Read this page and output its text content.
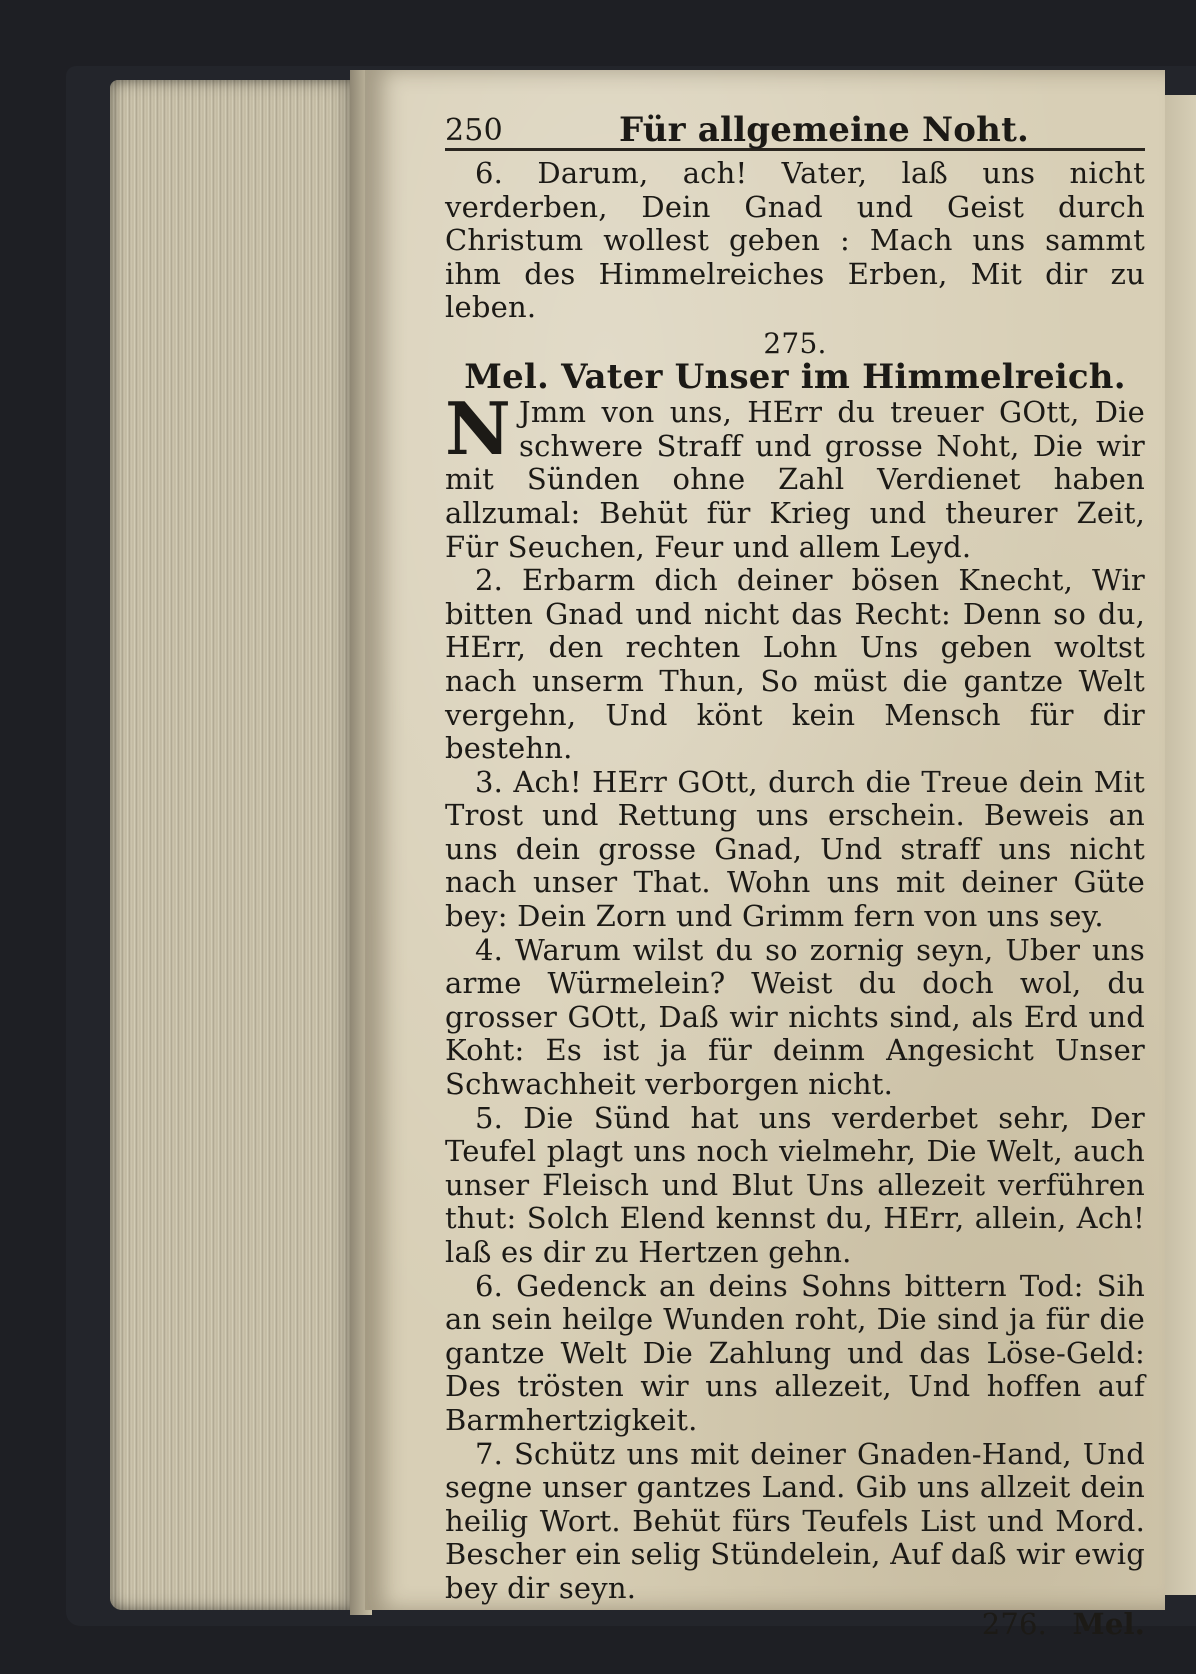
250	Für allgemeine Noht.

6. Darum, ach! Vater, laß uns nicht verderben, Dein Gnad und Geist durch Christum wollest geben : Mach uns sammt ihm des Himmelreiches Erben, Mit dir zu leben.

275.

Mel. Vater Unser im Himmelreich.

N Jmm von uns, HErr du treuer GOtt, Die schwere Straff und grosse Noht, Die wir mit Sünden ohne Zahl Verdienet haben allzumal: Behüt für Krieg und theurer Zeit, Für Seuchen, Feur und allem Leyd.

2. Erbarm dich deiner bösen Knecht, Wir bitten Gnad und nicht das Recht: Denn so du, HErr, den rechten Lohn Uns geben woltst nach unserm Thun, So müst die gantze Welt vergehn, Und könt kein Mensch für dir bestehn.

3. Ach! HErr GOtt, durch die Treue dein Mit Trost und Rettung uns erschein. Beweis an uns dein grosse Gnad, Und straff uns nicht nach unser That. Wohn uns mit deiner Güte bey: Dein Zorn und Grimm fern von uns sey.

4. Warum wilst du so zornig seyn, Uber uns arme Würmelein? Weist du doch wol, du grosser GOtt, Daß wir nichts sind, als Erd und Koht: Es ist ja für deinm Angesicht Unser Schwachheit verborgen nicht.

5. Die Sünd hat uns verderbet sehr, Der Teufel plagt uns noch vielmehr, Die Welt, auch unser Fleisch und Blut Uns allezeit verführen thut: Solch Elend kennst du, HErr, allein, Ach! laß es dir zu Hertzen gehn.

6. Gedenck an deins Sohns bittern Tod: Sih an sein heilge Wunden roht, Die sind ja für die gantze Welt Die Zahlung und das Löse-Geld: Des trösten wir uns allezeit, Und hoffen auf Barmhertzigkeit.

7. Schütz uns mit deiner Gnaden-Hand, Und segne unser gantzes Land. Gib uns allzeit dein heilig Wort. Behüt fürs Teufels List und Mord. Bescher ein selig Stündelein, Auf daß wir ewig bey dir seyn.

276. Mel.
